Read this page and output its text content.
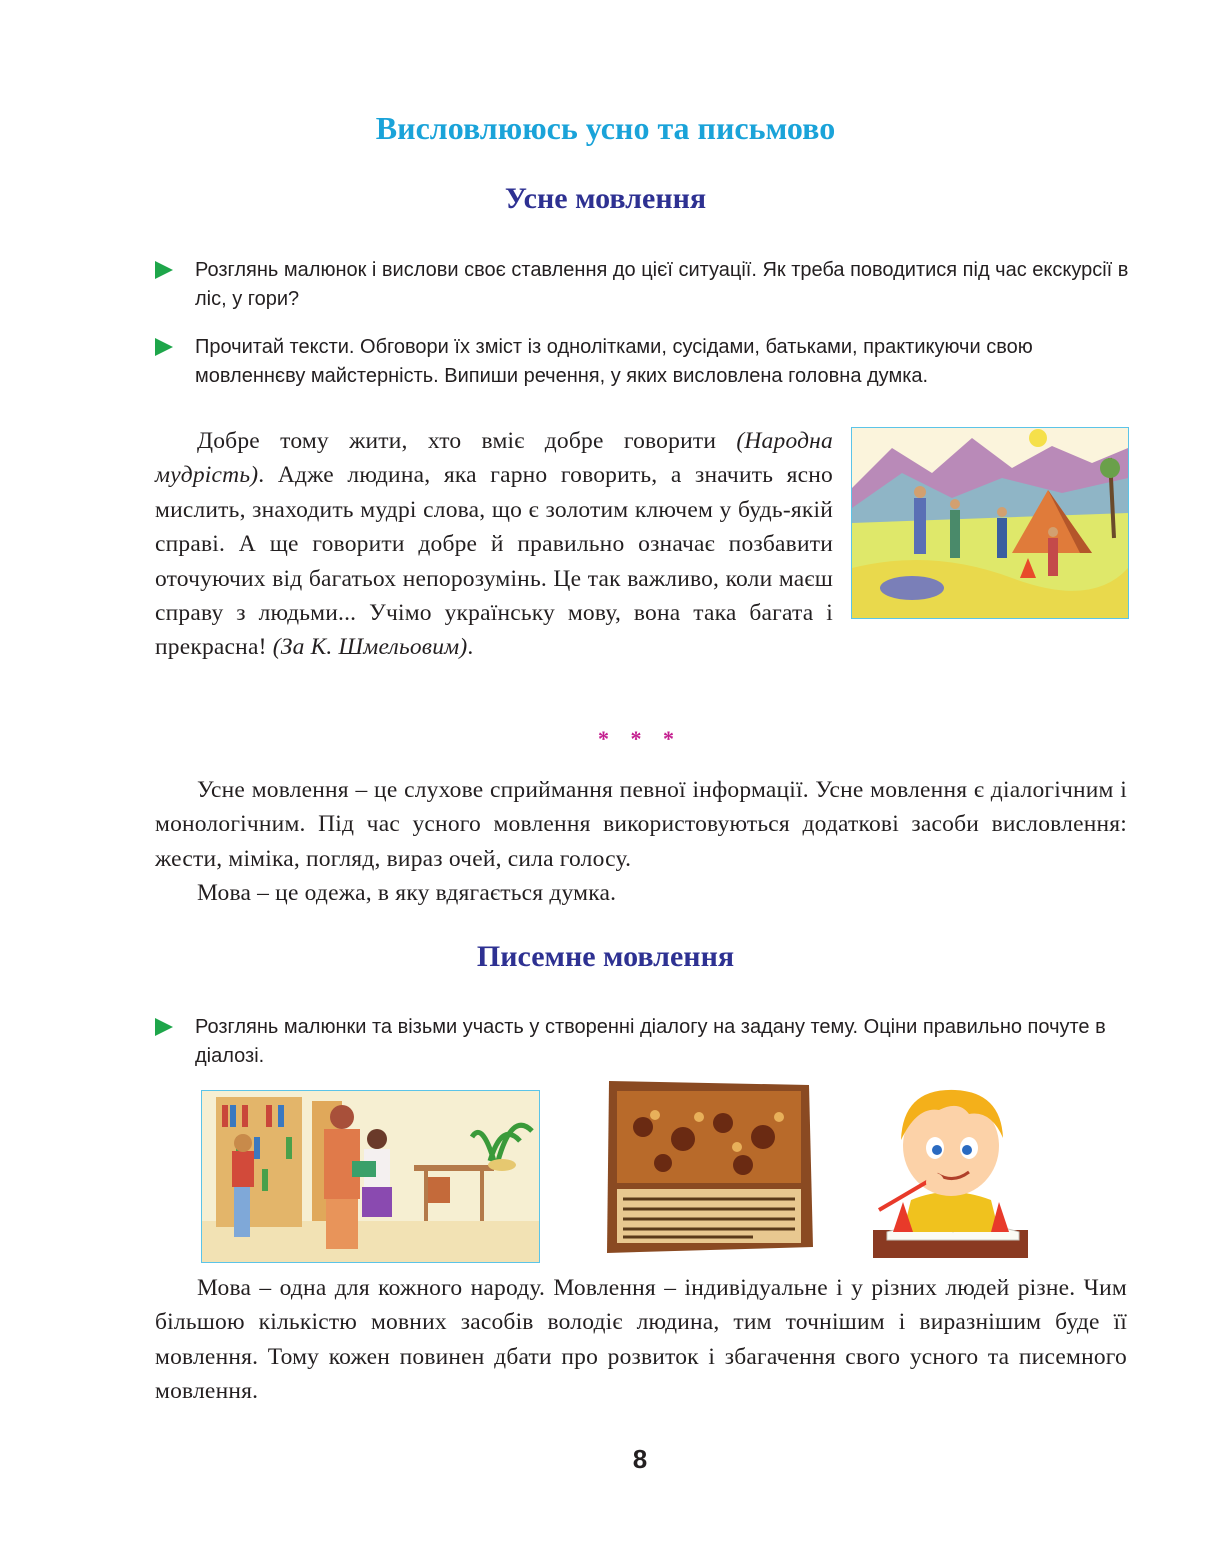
Висловлююсь усно та письмово
Усне мовлення
Розглянь малюнок і вислови своє ставлення до цієї ситуації. Як треба поводитися під час екскурсії в ліс, у гори?
Прочитай тексти. Обговори їх зміст із однолітками, сусідами, батьками, практикуючи свою мовленнєву майстерність. Випиши речення, у яких висловлена головна думка.

Добре тому жити, хто вміє добре говорити (Народна мудрість). Адже людина, яка гарно говорить, а значить ясно мислить, знаходить мудрі слова, що є золотим ключем у будь-якій справі. А ще говорити добре й правильно означає позбавити оточуючих від багатьох непорозумінь. Це так важливо, коли маєш справу з людьми... Учімо українську мову, вона така багата і прекрасна! (За К. Шмельовим).

* * *

Усне мовлення – це слухове сприймання певної інформації. Усне мовлення є діалогічним і монологічним. Під час усного мовлення використовуються додаткові засоби висловлення: жести, міміка, погляд, вираз очей, сила голосу.

Мова – це одежа, в яку вдягається думка.

Писемне мовлення
Розглянь малюнки та візьми участь у створенні діалогу на задану тему. Оціни правильно почуте в діалозі.

Мова – одна для кожного народу. Мовлення – індивідуальне і у різних людей різне. Чим більшою кількістю мовних засобів володіє людина, тим точнішим і виразнішим буде її мовлення. Тому кожен повинен дбати про розвиток і збагачення свого усного та писемного мовлення.

8
